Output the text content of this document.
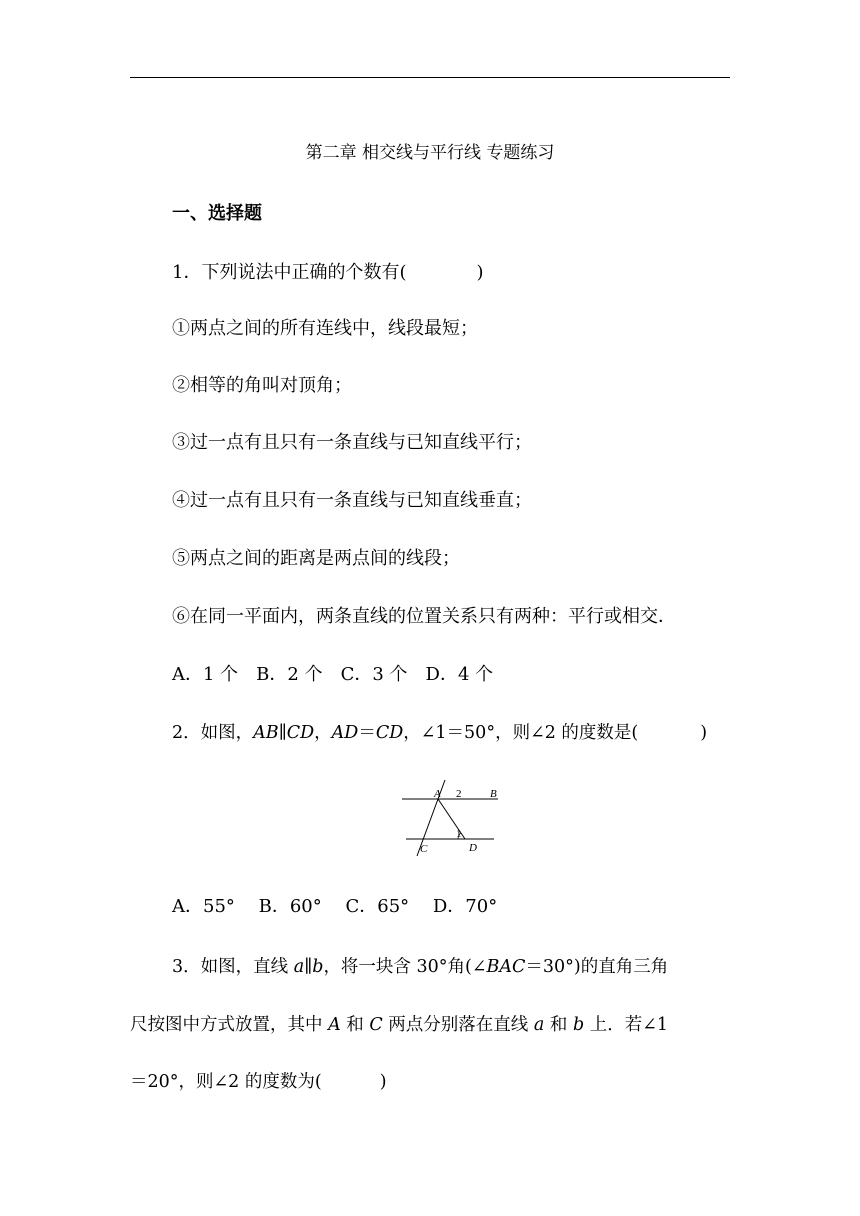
第二章 相交线与平行线 专题练习
一、选择题
1．下列说法中正确的个数有(	)
①两点之间的所有连线中，线段最短；
②相等的角叫对顶角；
③过一点有且只有一条直线与已知直线平行；
④过一点有且只有一条直线与已知直线垂直；
⑤两点之间的距离是两点间的线段；
⑥在同一平面内，两条直线的位置关系只有两种：平行或相交．
A．1 个　B．2 个　C．3 个　D．4 个
2．如图，AB∥CD，AD＝CD，∠1＝50°，则∠2 的度数是(	)
A 2	B
1
C	D
A．55°　 B．60°　 C．65°　 D．70°
3．如图，直线 a∥b，将一块含 30°角(∠BAC＝30°)的直角三角
尺按图中方式放置，其中 A 和 C 两点分别落在直线 a 和 b 上．若∠1
＝20°，则∠2 的度数为(	)
